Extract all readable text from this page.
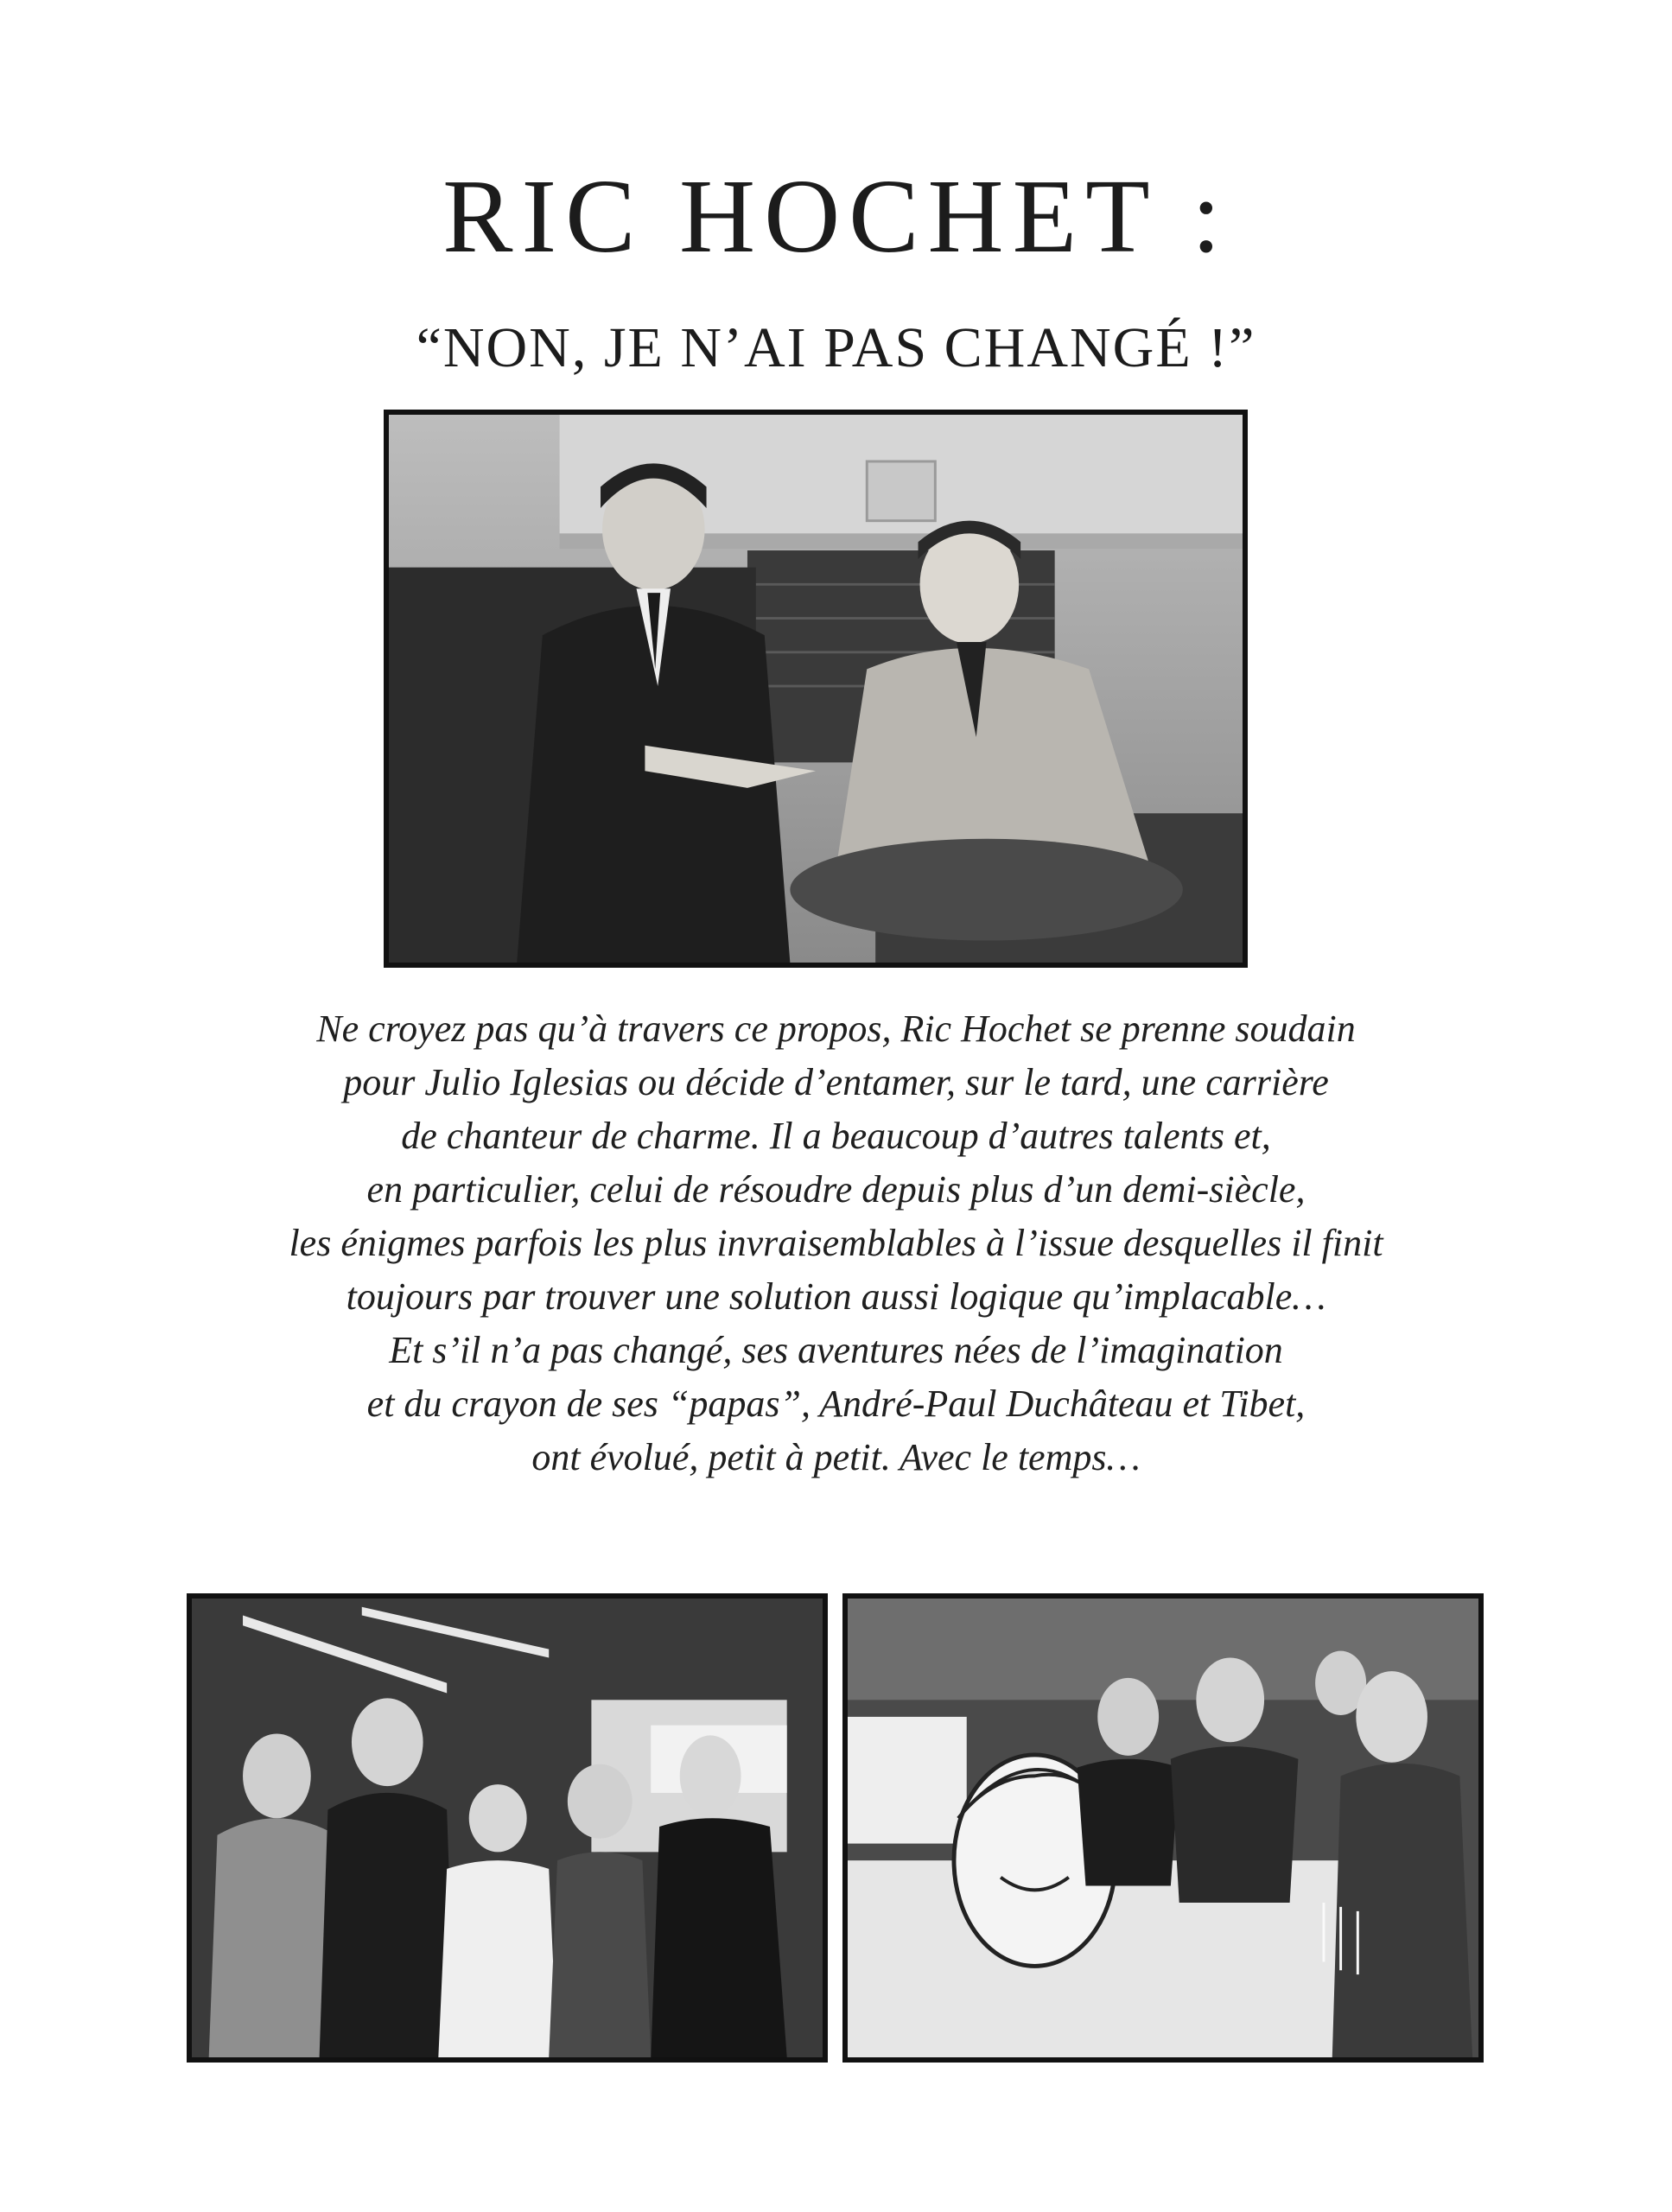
RIC HOCHET :
“NON, JE N’AI PAS CHANGÉ !”

Ne croyez pas qu’à travers ce propos, Ric Hochet se prenne soudain
pour Julio Iglesias ou décide d’entamer, sur le tard, une carrière
de chanteur de charme. Il a beaucoup d’autres talents et,
en particulier, celui de résoudre depuis plus d’un demi-siècle,
les énigmes parfois les plus invraisemblables à l’issue desquelles il finit
toujours par trouver une solution aussi logique qu’implacable…
Et s’il n’a pas changé, ses aventures nées de l’imagination
et du crayon de ses “papas”, André-Paul Duchâteau et Tibet,
ont évolué, petit à petit. Avec le temps…
